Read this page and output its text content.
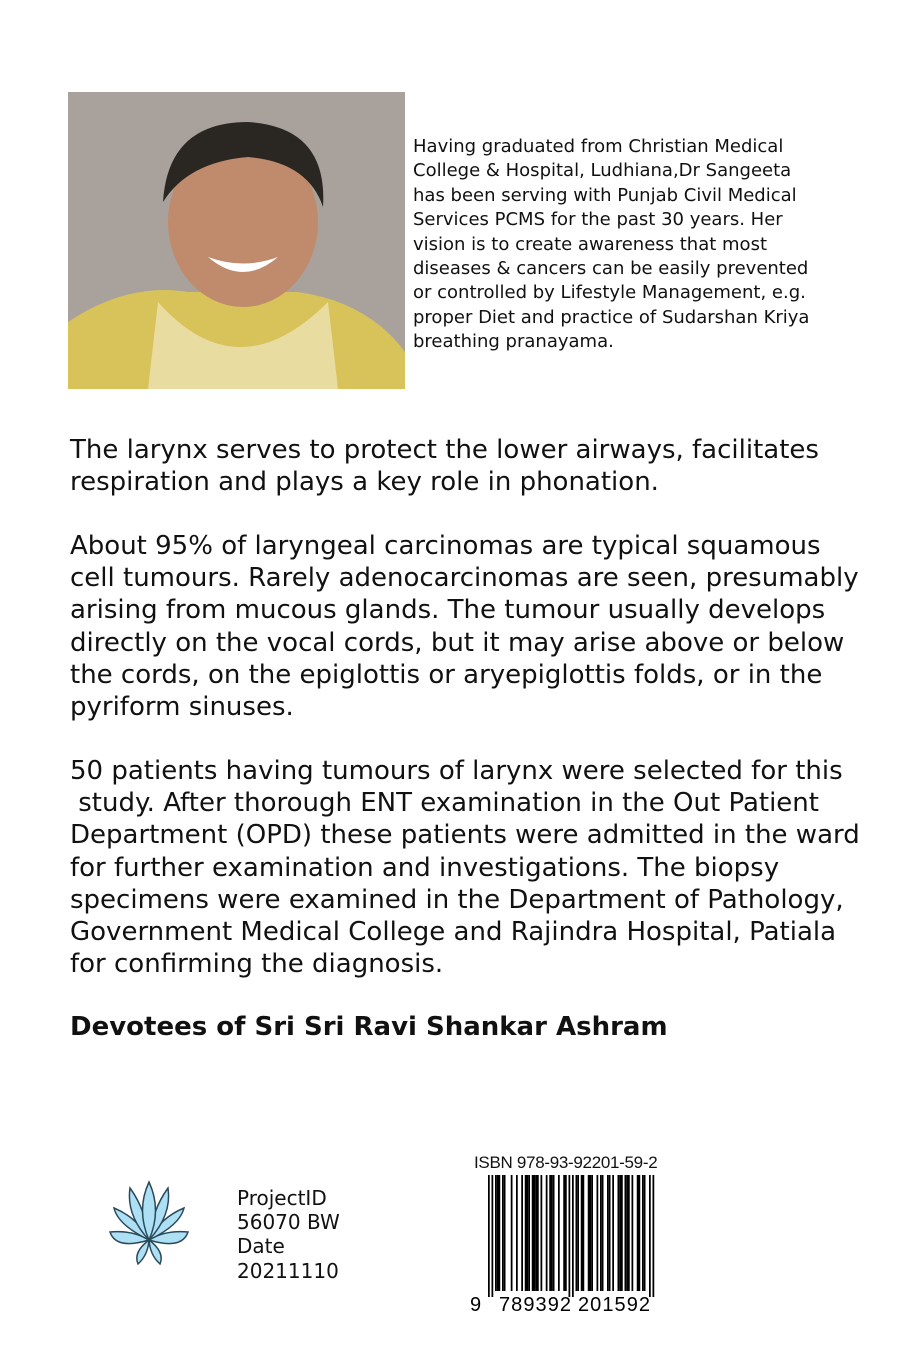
Having graduated from Christian Medical
College & Hospital, Ludhiana,Dr Sangeeta
has been serving with Punjab Civil Medical
Services PCMS for the past 30 years. Her
vision is to create awareness that most
diseases & cancers can be easily prevented
or controlled by Lifestyle Management, e.g.
proper Diet and practice of Sudarshan Kriya
breathing pranayama.
The larynx serves to protect the lower airways, facilitates
respiration and plays a key role in phonation.
About 95% of laryngeal carcinomas are typical squamous
cell tumours. Rarely adenocarcinomas are seen, presumably
arising from mucous glands. The tumour usually develops
directly on the vocal cords, but it may arise above or below
the cords, on the epiglottis or aryepiglottis folds, or in the
pyriform sinuses.
50 patients having tumours of larynx were selected for this
study. After thorough ENT examination in the Out Patient
Department (OPD) these patients were admitted in the ward
for further examination and investigations. The biopsy
specimens were examined in the Department of Pathology,
Government Medical College and Rajindra Hospital, Patiala
for confirming the diagnosis.
Devotees of Sri Sri Ravi Shankar Ashram
ProjectID
56070 BW
Date
20211110
ISBN 978-93-92201-59-2
9 789392 201592
